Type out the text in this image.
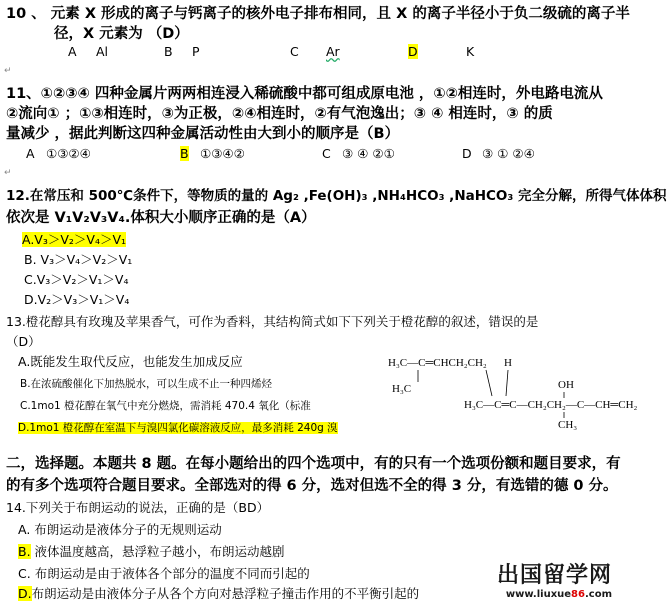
10 、 元素 X 形成的离子与钙离子的核外电子排布相同，且 X 的离子半径小于负二级硫的离子半
径，X 元素为 （D）
A Al	B P	C Ar	D	K
↵
11、①②③④ 四种金属片两两相连浸入稀硫酸中都可组成原电池 ，①②相连时，外电路电流从
②流向① ；①③相连时，③为正极，②④相连时，②有气泡逸出；③ ④ 相连时，③ 的质
量减少 ，据此判断这四种金属活动性由大到小的顺序是（B）
A ①③②④	B ①③④②	C ③ ④ ②①	D ③ ① ②④
↵
12.在常压和 500℃条件下，等物质的量的 Ag₂ ,Fe(OH)₃ ,NH₄HCO₃ ,NaHCO₃ 完全分解，所得气体体积
依次是 V₁V₂V₃V₄.体积大小顺序正确的是（A）
A.V₃＞V₂＞V₄＞V₁
B. V₃＞V₄＞V₂＞V₁
C.V₃＞V₂＞V₁＞V₄
D.V₂＞V₃＞V₁＞V₄
13.橙花醇具有玫瑰及苹果香气，可作为香料，其结构简式如下下列关于橙花醇的叙述，错误的是
（D）
A.既能发生取代反应，也能发生加成反应
B.在浓硫酸催化下加热脱水，可以生成不止一种四烯烃
C.1mo1 橙花醇在氧气中充分燃烧，需消耗 470.4 氧化（标准
D.1mo1 橙花醇在室温下与溴四氯化碳溶液反应，最多消耗 240g 溴
H₃C—C═CHCH₂CH₂ H
H₃C
H₃C—C═C—CH₂CH₂—C—CH═CH₂
OH
CH₃
二，选择题。本题共 8 题。在每小题给出的四个选项中，有的只有一个选项份额和题目要求，有
的有多个选项符合题目要求。全部选对的得 6 分，选对但选不全的得 3 分，有选错的德 0 分。
14.下列关于布朗运动的说法，正确的是（BD）
A. 布朗运动是液体分子的无规则运动
B. 液体温度越高，悬浮粒子越小，布朗运动越剧
C. 布朗运动是由于液体各个部分的温度不同而引起的
D.布朗运动是由液体分子从各个方向对悬浮粒子撞击作用的不平衡引起的
出国留学网
www.liuxue86.com
